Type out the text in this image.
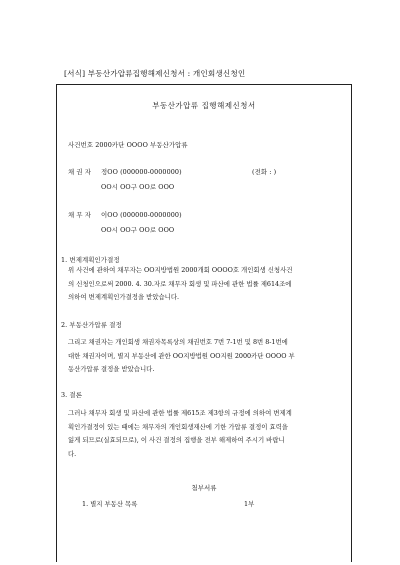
[서식] 부동산가압류집행해제신청서 : 개인회생신청인
부동산가압류 집행해제신청서
사건번호 2000카단 OOOO 부동산가압류
채 권 자 정OO (000000-0000000)	(전화 : )
OO시 OO구 OO로 OOO
채 무 자 이OO (000000-0000000)
OO시 OO구 OO로 OOO
1. 변제계획인가결정
위 사건에 관하여 채무자는 OO지방법원 2000개회 OOOO호 개인회생 신청사건
의 신청인으로써 2000. 4. 30.자로 채무자 회생 및 파산에 관한 법률 제614조에
의하여 변제계획인가결정을 받았습니다.
2. 부동산가압류 결정
그리고 채권자는 개인회생 채권자목록상의 채권번호 7번 7-1번 및 8번 8-1번에
대한 채권자이며, 별지 부동산에 관한 OO지방법원 OO지원 2000카단 OOOO 부
동산가압류 결정을 받았습니다.
3. 결론
그러나 채무자 회생 및 파산에 관한 법률 제615조 제3항의 규정에 의하여 변제계
획인가결정이 있는 때에는 채무자의 개인회생재산에 기한 가압류 결정이 효력을
잃게 되므로(실효되므로), 이 사건 결정의 집행을 전부 해제하여 주시기 바랍니
다.
첨부서류
1. 별지 부동산 목록	1부
